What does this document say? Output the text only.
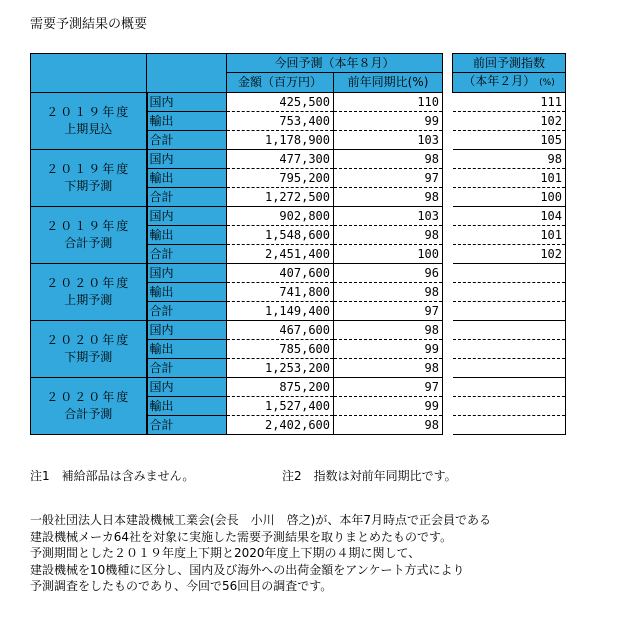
需要予測結果の概要
		今回予測（本年８月）			前回予測指数
		金額（百万円）	前年同期比(%)		（本年２月） (%)

２０１９年度
上期見込	国内	425,500	110		111
	輸出	753,400	99		102
	合計	1,178,900	103		105

２０１９年度
下期予測	国内	477,300	98		98
	輸出	795,200	97		101
	合計	1,272,500	98		100

２０１９年度
合計予測	国内	902,800	103		104
	輸出	1,548,600	98		101
	合計	2,451,400	100		102

２０２０年度
上期予測	国内	407,600	96		
	輸出	741,800	98		
	合計	1,149,400	97		

２０２０年度
下期予測	国内	467,600	98		
	輸出	785,600	99		
	合計	1,253,200	98		

２０２０年度
合計予測	国内	875,200	97		
	輸出	1,527,400	99		
	合計	2,402,600	98		
注1　補給部品は含みません。	注2　指数は対前年同期比です。
一般社団法人日本建設機械工業会(会長　小川　啓之)が、本年7月時点で正会員である
建設機械メーカ64社を対象に実施した需要予測結果を取りまとめたものです。
予測期間とした２０１９年度上下期と2020年度上下期の４期に関して、
建設機械を10機種に区分し、国内及び海外への出荷金額をアンケート方式により
予測調査をしたものであり、今回で56回目の調査です。
